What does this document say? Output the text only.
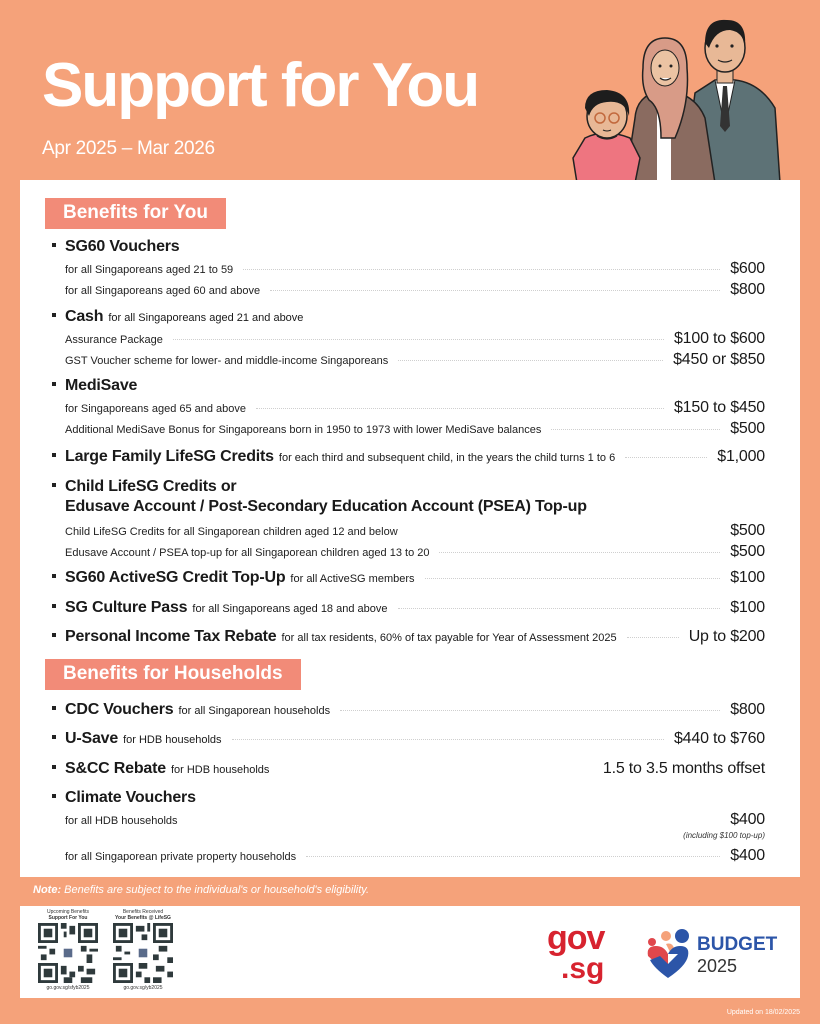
Support for You
Apr 2025 – Mar 2026
Benefits for You
SG60 Vouchers
for all Singaporeans aged 21 to 59	$600
for all Singaporeans aged 60 and above	$800
Cash for all Singaporeans aged 21 and above
Assurance Package	$100 to $600
GST Voucher scheme for lower- and middle-income Singaporeans	$450 or $850
MediSave
for Singaporeans aged 65 and above	$150 to $450
Additional MediSave Bonus for Singaporeans born in 1950 to 1973 with lower MediSave balances	$500
Large Family LifeSG Credits for each third and subsequent child, in the years the child turns 1 to 6	$1,000
Child LifeSG Credits or
Edusave Account / Post-Secondary Education Account (PSEA) Top-up
Child LifeSG Credits for all Singaporean children aged 12 and below	$500
Edusave Account / PSEA top-up for all Singaporean children aged 13 to 20	$500
SG60 ActiveSG Credit Top-Up for all ActiveSG members	$100
SG Culture Pass for all Singaporeans aged 18 and above	$100
Personal Income Tax Rebate for all tax residents, 60% of tax payable for Year of Assessment 2025	Up to $200
Benefits for Households
CDC Vouchers for all Singaporean households	$800
U-Save for HDB households	$440 to $760
S&CC Rebate for HDB households	1.5 to 3.5 months offset
Climate Vouchers
for all HDB households	$400
(including $100 top-up)
for all Singaporean private property households	$400
Note: Benefits are subject to the individual's or household's eligibility.
Upcoming Benefits
Support For You
go.gov.sg/sfyb2025
Benefits Received
Your Benefits @ LifeSG
go.gov.sg/yb2025
gov
.sg
BUDGET
2025
Updated on 18/02/2025
